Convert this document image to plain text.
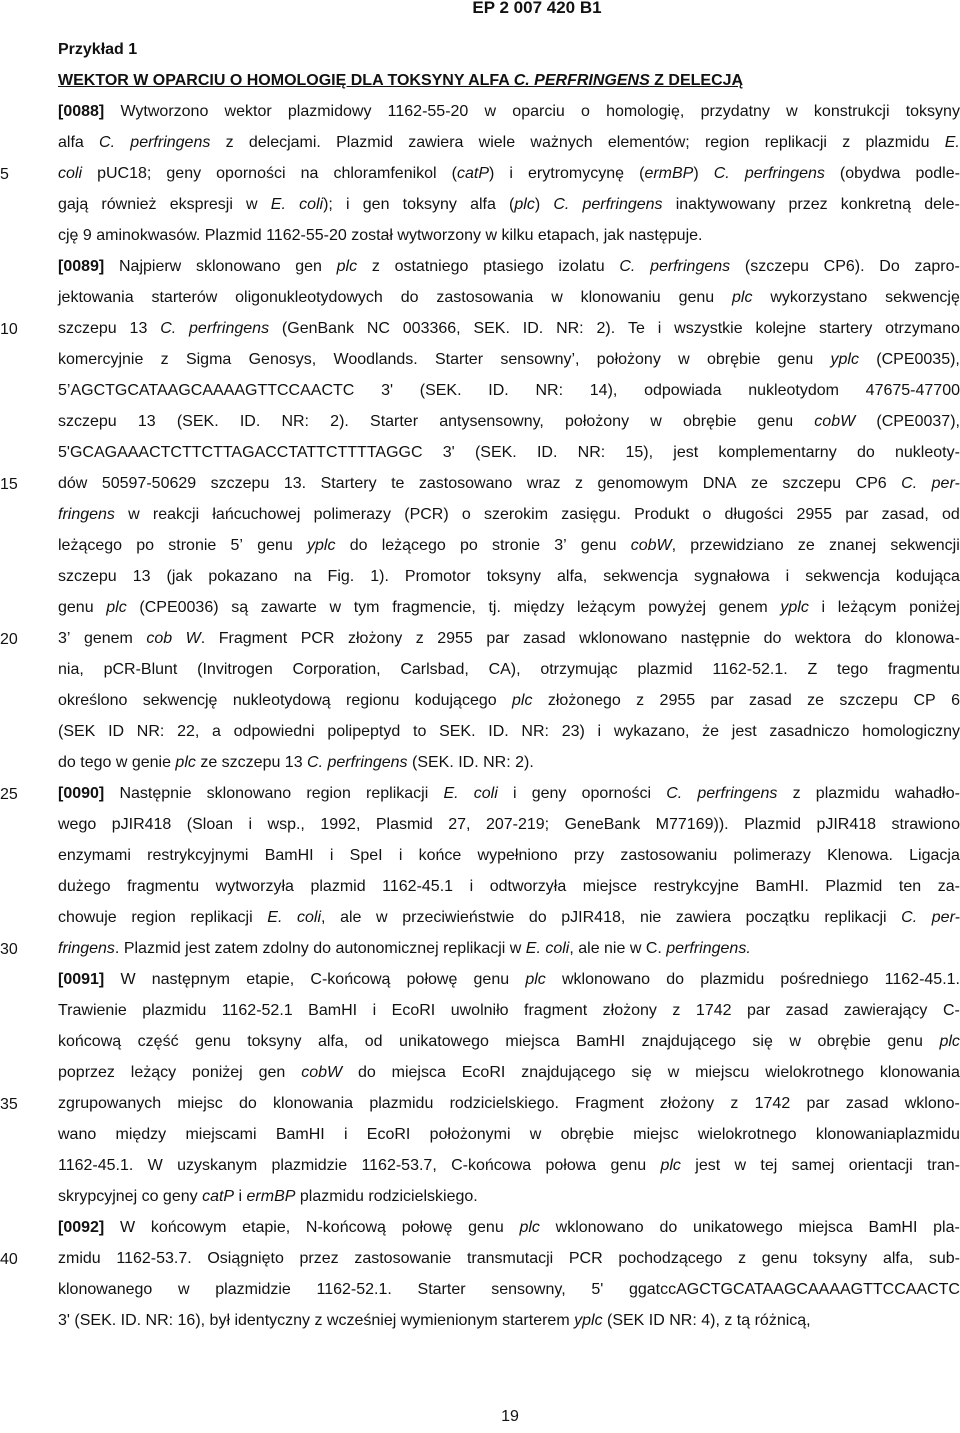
EP 2 007 420 B1
5
10
15
20
25
30
35
40
Przykład 1
WEKTOR W OPARCIU O HOMOLOGIĘ DLA TOKSYNY ALFA C. PERFRINGENS Z DELECJĄ
[0088] Wytworzono wektor plazmidowy 1162-55-20 w oparciu o homologię, przydatny w konstrukcji toksyny
alfa C. perfringens z delecjami. Plazmid zawiera wiele ważnych elementów; region replikacji z plazmidu E.
coli pUC18; geny oporności na chloramfenikol (catP) i erytromycynę (ermBP) C. perfringens (obydwa podle-
gają również ekspresji w E. coli); i gen toksyny alfa (plc) C. perfringens inaktywowany przez konkretną dele-
cję 9 aminokwasów. Plazmid 1162-55-20 został wytworzony w kilku etapach, jak następuje.
[0089] Najpierw sklonowano gen plc z ostatniego ptasiego izolatu C. perfringens (szczepu CP6). Do zapro-
jektowania starterów oligonukleotydowych do zastosowania w klonowaniu genu plc wykorzystano sekwencję
szczepu 13 C. perfringens (GenBank NC 003366, SEK. ID. NR: 2). Te i wszystkie kolejne startery otrzymano
komercyjnie z Sigma Genosys, Woodlands. Starter sensowny’, położony w obrębie genu yplc (CPE0035),
5’AGCTGCATAAGCAAAAGTTCCAACTC 3' (SEK. ID. NR: 14), odpowiada nukleotydom 47675-47700
szczepu 13 (SEK. ID. NR: 2). Starter antysensowny, położony w obrębie genu cobW (CPE0037),
5'GCAGAAACTCTTCTTAGACCTATTCTTTTAGGC 3' (SEK. ID. NR: 15), jest komplementarny do nukleoty-
dów 50597-50629 szczepu 13. Startery te zastosowano wraz z genomowym DNA ze szczepu CP6 C. per-
fringens w reakcji łańcuchowej polimerazy (PCR) o szerokim zasięgu. Produkt o długości 2955 par zasad, od
leżącego po stronie 5’ genu yplc do leżącego po stronie 3’ genu cobW, przewidziano ze znanej sekwencji
szczepu 13 (jak pokazano na Fig. 1). Promotor toksyny alfa, sekwencja sygnałowa i sekwencja kodująca
genu plc (CPE0036) są zawarte w tym fragmencie, tj. między leżącym powyżej genem yplc i leżącym poniżej
3’ genem cob W. Fragment PCR złożony z 2955 par zasad wklonowano następnie do wektora do klonowa-
nia, pCR-Blunt (Invitrogen Corporation, Carlsbad, CA), otrzymując plazmid 1162-52.1. Z tego fragmentu
określono sekwencję nukleotydową regionu kodującego plc złożonego z 2955 par zasad ze szczepu CP 6
(SEK ID NR: 22, a odpowiedni polipeptyd to SEK. ID. NR: 23) i wykazano, że jest zasadniczo homologiczny
do tego w genie plc ze szczepu 13 C. perfringens (SEK. ID. NR: 2).
[0090] Następnie sklonowano region replikacji E. coli i geny oporności C. perfringens z plazmidu wahadło-
wego pJIR418 (Sloan i wsp., 1992, Plasmid 27, 207-219; GeneBank M77169)). Plazmid pJIR418 strawiono
enzymami restrykcyjnymi BamHI i SpeI i końce wypełniono przy zastosowaniu polimerazy Klenowa. Ligacja
dużego fragmentu wytworzyła plazmid 1162-45.1 i odtworzyła miejsce restrykcyjne BamHI. Plazmid ten za-
chowuje region replikacji E. coli, ale w przeciwieństwie do pJIR418, nie zawiera początku replikacji C. per-
fringens . Plazmid jest zatem zdolny do autonomicznej replikacji w E. coli , ale nie w C. perfringens.
[0091] W następnym etapie, C-końcową połowę genu plc wklonowano do plazmidu pośredniego 1162-45.1.
Trawienie plazmidu 1162-52.1 BamHI i EcoRI uwolniło fragment złożony z 1742 par zasad zawierający C-
końcową część genu toksyny alfa, od unikatowego miejsca BamHI znajdującego się w obrębie genu plc
poprzez leżący poniżej gen cobW do miejsca EcoRI znajdującego się w miejscu wielokrotnego klonowania
zgrupowanych miejsc do klonowania plazmidu rodzicielskiego. Fragment złożony z 1742 par zasad wklono-
wano między miejscami BamHI i EcoRI położonymi w obrębie miejsc wielokrotnego klonowaniaplazmidu
1162-45.1. W uzyskanym plazmidzie 1162-53.7, C-końcowa połowa genu plc jest w tej samej orientacji tran-
skrypcyjnej co geny catP i ermBP plazmidu rodzicielskiego.
[0092] W końcowym etapie, N-końcową połowę genu plc wklonowano do unikatowego miejsca BamHI pla-
zmidu 1162-53.7. Osiągnięto przez zastosowanie transmutacji PCR pochodzącego z genu toksyny alfa, sub-
klonowanego w plazmidzie 1162-52.1. Starter sensowny, 5' ggatccAGCTGCATAAGCAAAAGTTCCAACTC
3' (SEK. ID. NR: 16), był identyczny z wcześniej wymienionym starterem yplc (SEK ID NR: 4), z tą różnicą,
19
